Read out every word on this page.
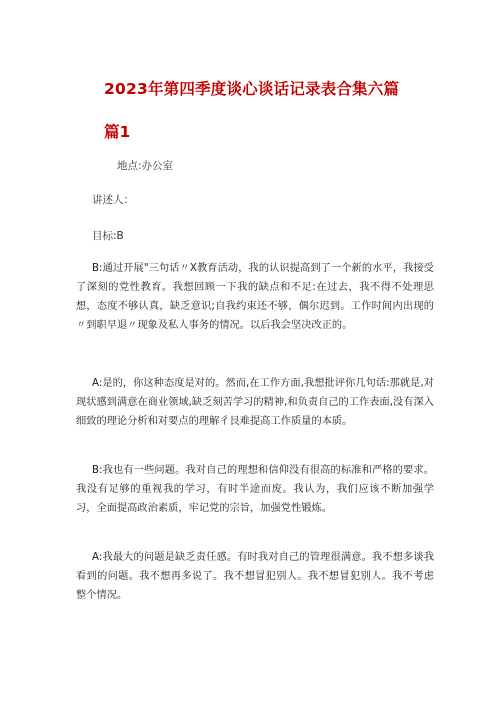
2023年第四季度谈心谈话记录表合集六篇
篇1
地点:办公室
讲述人：
目标:B

B:通过开展"三句话〃X教育活动，我的认识提高到了一个新的水平，我接受了深刻的党性教育。我想回顾一下我的缺点和不足:在过去，我不得不处理思想，态度不够认真，缺乏意识;自我约束还不够，偶尔迟到。工作时间内出现的〃到职早退〃现象及私人事务的情况。以后我会坚决改正的。

A:是的，你这种态度是对的。然而,在工作方面,我想批评你几句话:那就是,对现状感到满意在商业领域,缺乏刻苦学习的精神,和负责自己的工作表面,没有深入细致的理论分析和对要点的理解彳艮难提高工作质量的本质。

B:我也有一些问题。我对自己的理想和信仰没有很高的标准和严格的要求。我没有足够的重视我的学习，有时半途而废。我认为，我们应该不断加强学习，全面提高政治素质，牢记党的宗旨，加强党性锻炼。

A:我最大的问题是缺乏责任感。有时我对自己的管理很满意。我不想多谈我看到的问题。我不想再多说了。我不想冒犯别人。我不想冒犯别人。我不考虑整个情况。
